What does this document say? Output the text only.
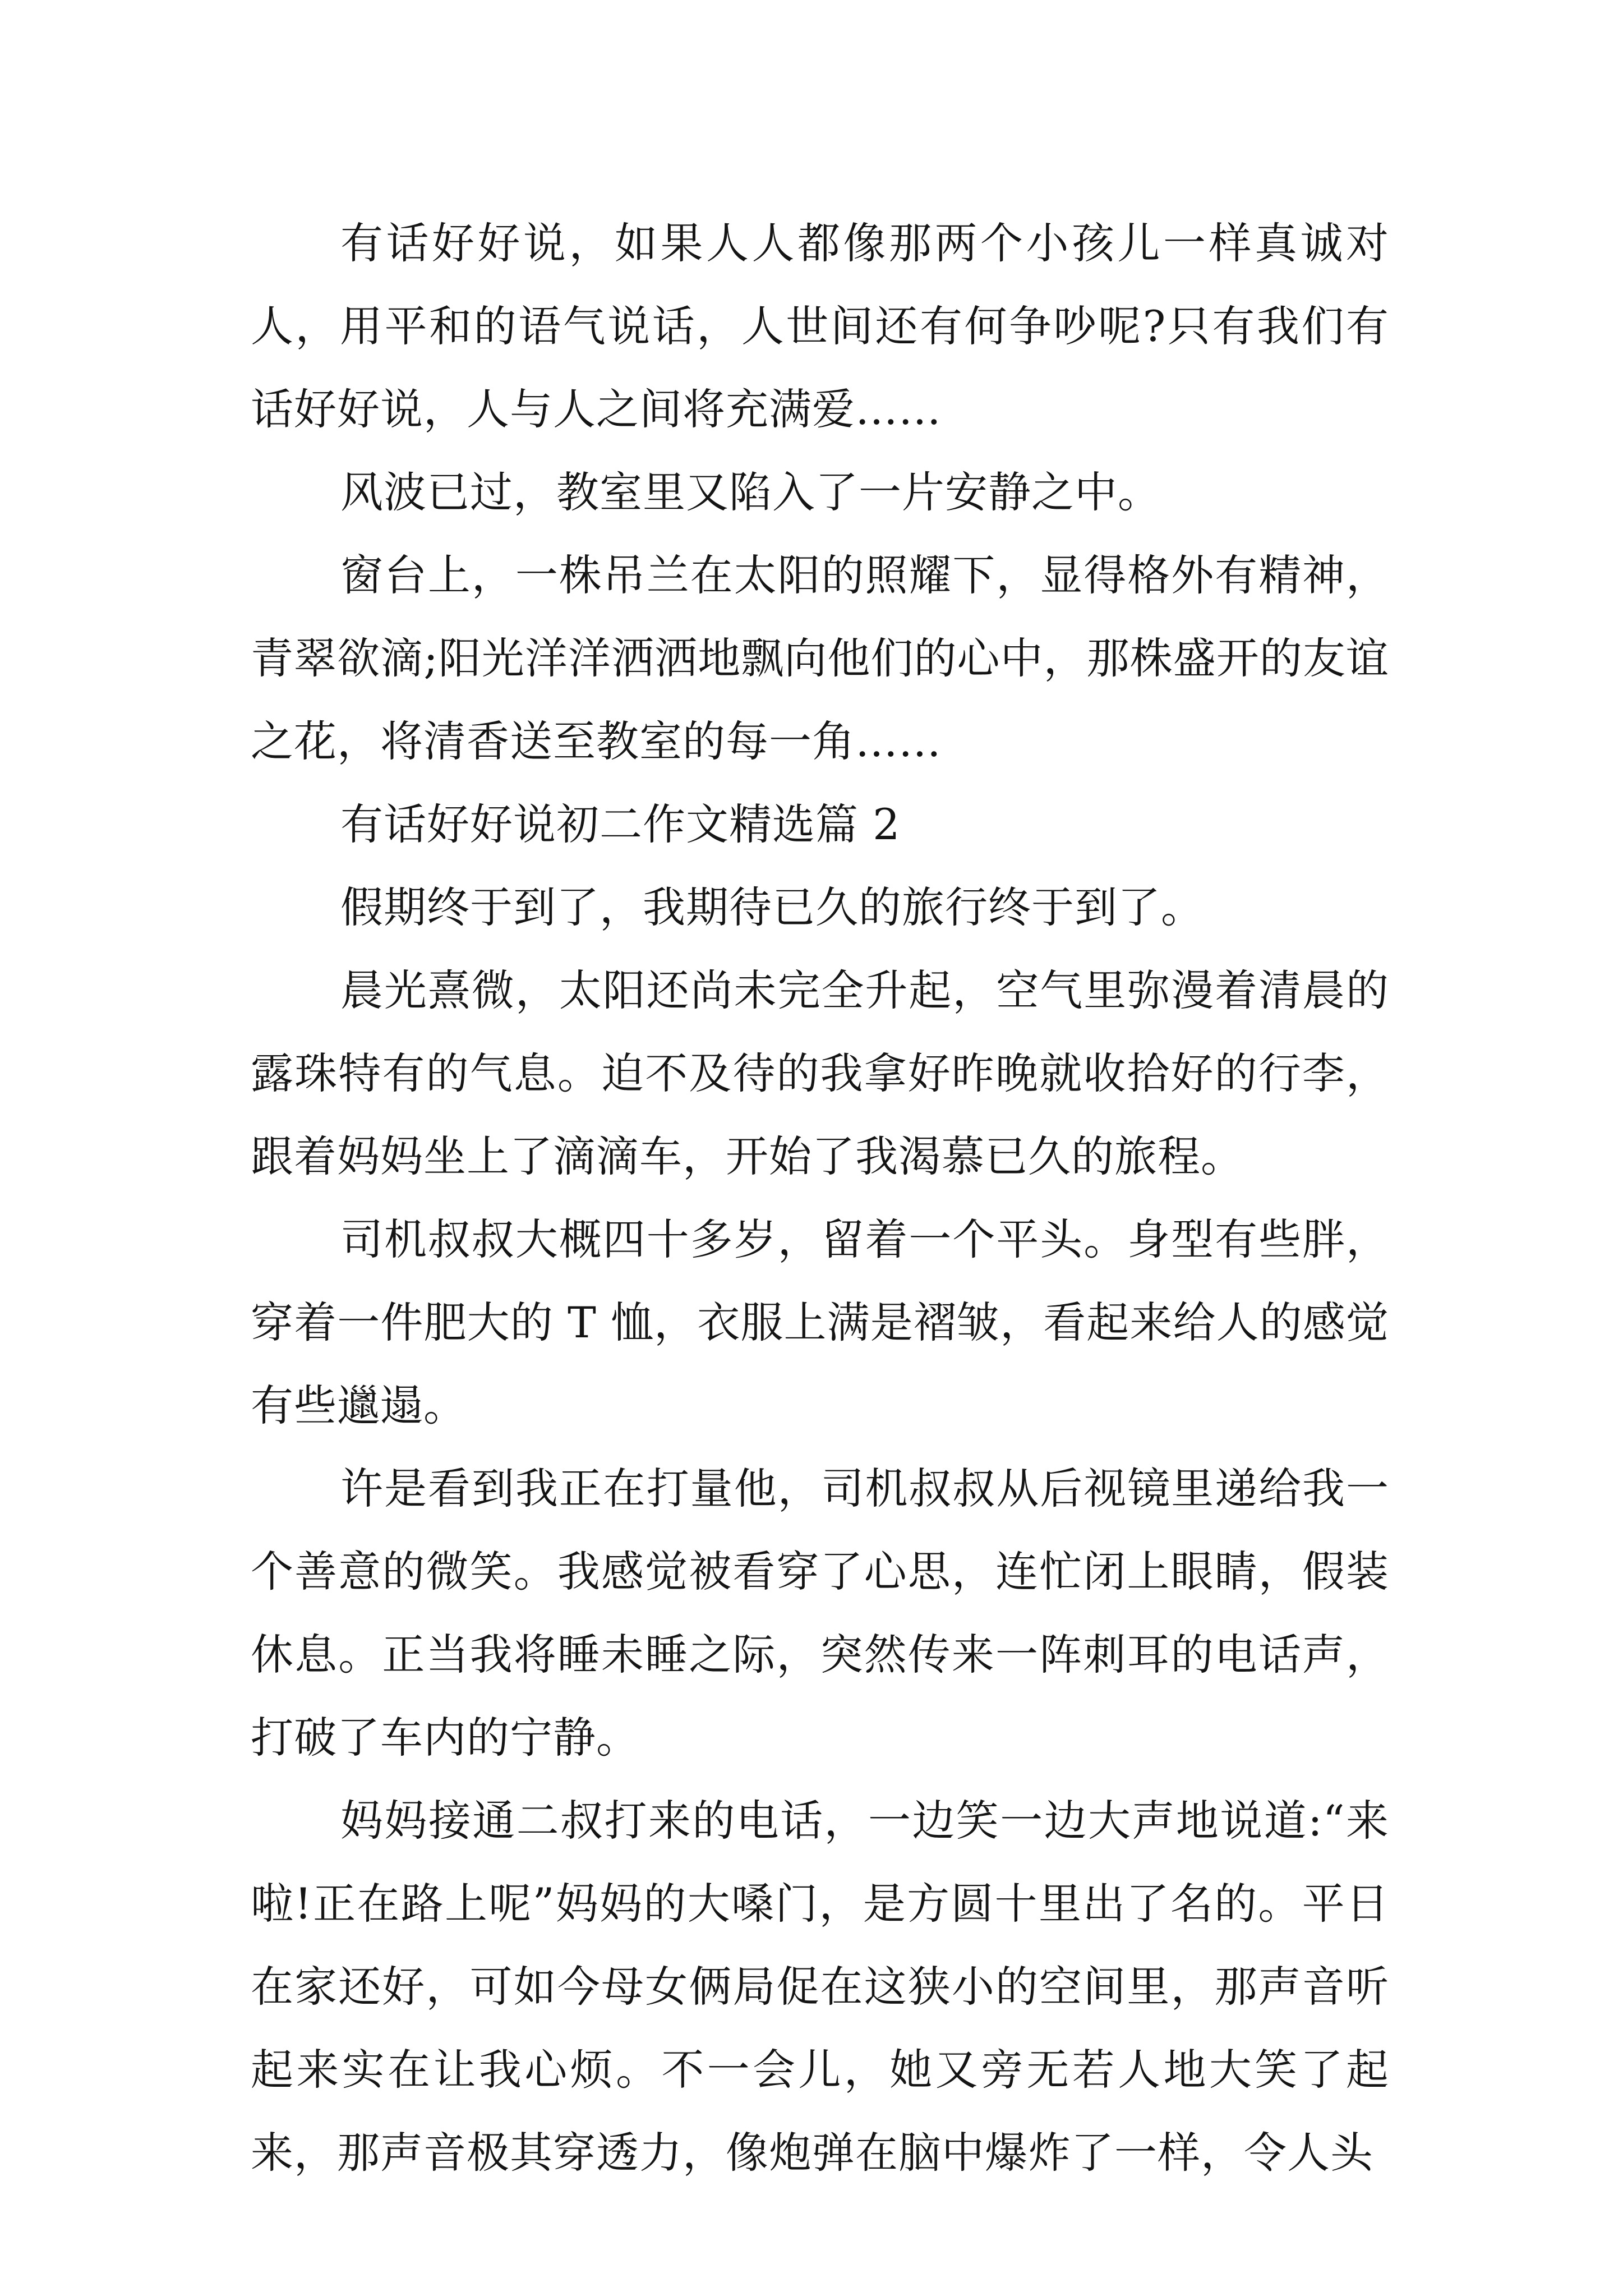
有话好好说，如果人人都像那两个小孩儿一样真诚对人，用平和的语气说话，人世间还有何争吵呢?只有我们有话好好说，人与人之间将充满爱……

风波已过，教室里又陷入了一片安静之中。

窗台上，一株吊兰在太阳的照耀下，显得格外有精神，青翠欲滴;阳光洋洋洒洒地飘向他们的心中，那株盛开的友谊之花，将清香送至教室的每一角……

有话好好说初二作文精选篇 2

假期终于到了，我期待已久的旅行终于到了。

晨光熹微，太阳还尚未完全升起，空气里弥漫着清晨的露珠特有的气息。迫不及待的我拿好昨晚就收拾好的行李，跟着妈妈坐上了滴滴车，开始了我渴慕已久的旅程。

司机叔叔大概四十多岁，留着一个平头。身型有些胖，穿着一件肥大的 T 恤，衣服上满是褶皱，看起来给人的感觉有些邋遢。

许是看到我正在打量他，司机叔叔从后视镜里递给我一个善意的微笑。我感觉被看穿了心思，连忙闭上眼睛，假装休息。正当我将睡未睡之际，突然传来一阵刺耳的电话声，打破了车内的宁静。

妈妈接通二叔打来的电话，一边笑一边大声地说道:“来啦!正在路上呢”妈妈的大嗓门，是方圆十里出了名的。平日在家还好，可如今母女俩局促在这狭小的空间里，那声音听起来实在让我心烦。不一会儿，她又旁无若人地大笑了起来，那声音极其穿透力，像炮弹在脑中爆炸了一样，令人头
